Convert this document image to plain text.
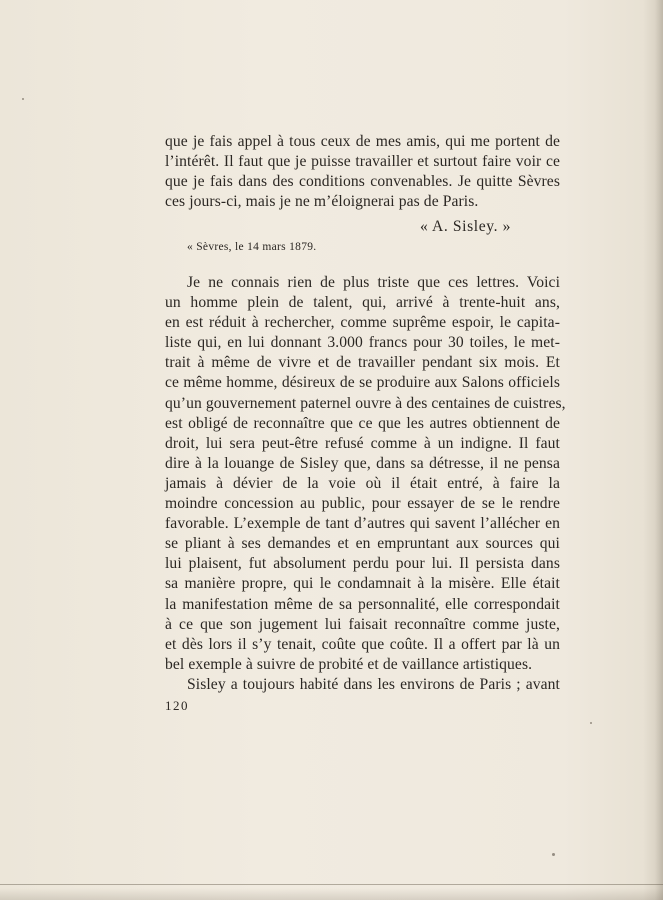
que je fais appel à tous ceux de mes amis, qui me portent de
l’intérêt. Il faut que je puisse travailler et surtout faire voir ce
que je fais dans des conditions convenables. Je quitte Sèvres
ces jours-ci, mais je ne m’éloignerai pas de Paris.
« A. Sisley. »
« Sèvres, le 14 mars 1879.
Je ne connais rien de plus triste que ces lettres. Voici
un homme plein de talent, qui, arrivé à trente-huit ans,
en est réduit à rechercher, comme suprême espoir, le capita-
liste qui, en lui donnant 3.000 francs pour 30 toiles, le met-
trait à même de vivre et de travailler pendant six mois. Et
ce même homme, désireux de se produire aux Salons officiels
qu’un gouvernement paternel ouvre à des centaines de cuistres,
est obligé de reconnaître que ce que les autres obtiennent de
droit, lui sera peut-être refusé comme à un indigne. Il faut
dire à la louange de Sisley que, dans sa détresse, il ne pensa
jamais à dévier de la voie où il était entré, à faire la
moindre concession au public, pour essayer de se le rendre
favorable. L’exemple de tant d’autres qui savent l’allécher en
se pliant à ses demandes et en empruntant aux sources qui
lui plaisent, fut absolument perdu pour lui. Il persista dans
sa manière propre, qui le condamnait à la misère. Elle était
la manifestation même de sa personnalité, elle correspondait
à ce que son jugement lui faisait reconnaître comme juste,
et dès lors il s’y tenait, coûte que coûte. Il a offert par là un
bel exemple à suivre de probité et de vaillance artistiques.
Sisley a toujours habité dans les environs de Paris ; avant
120
